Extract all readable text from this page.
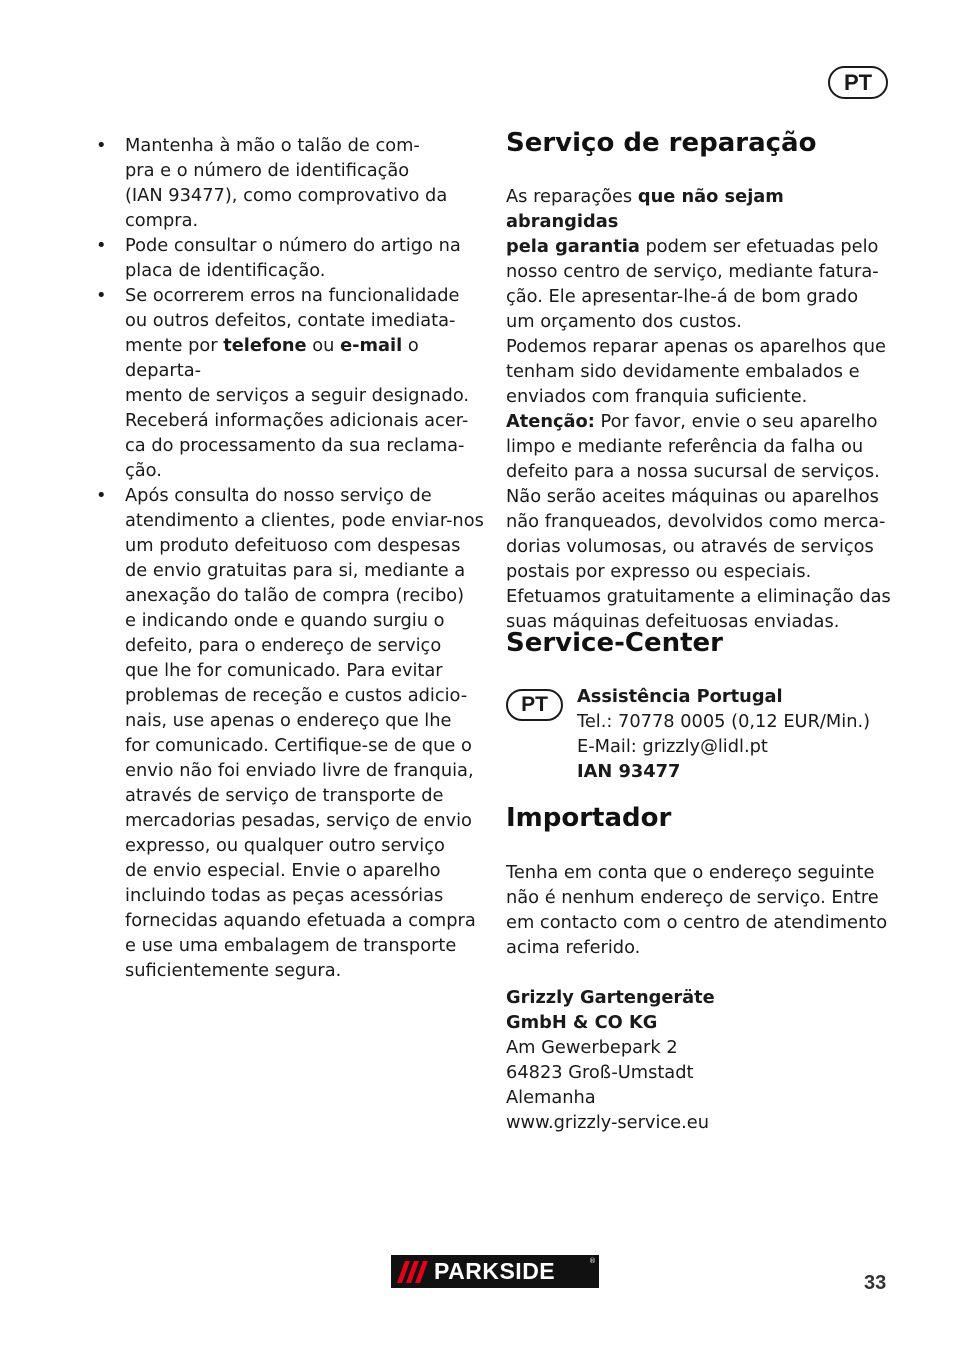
PT
• Mantenha à mão o talão de com-
pra e o número de identificação
(IAN 93477), como comprovativo da
compra.
• Pode consultar o número do artigo na
placa de identificação.
• Se ocorrerem erros na funcionalidade
ou outros defeitos, contate imediata-
mente por telefone ou e-mail o departa-
mento de serviços a seguir designado.
Receberá informações adicionais acer-
ca do processamento da sua reclama-
ção.
• Após consulta do nosso serviço de
atendimento a clientes, pode enviar-nos
um produto defeituoso com despesas
de envio gratuitas para si, mediante a
anexação do talão de compra (recibo)
e indicando onde e quando surgiu o
defeito, para o endereço de serviço
que lhe for comunicado. Para evitar
problemas de receção e custos adicio-
nais, use apenas o endereço que lhe
for comunicado. Certifique-se de que o
envio não foi enviado livre de franquia,
através de serviço de transporte de
mercadorias pesadas, serviço de envio
expresso, ou qualquer outro serviço
de envio especial. Envie o aparelho
incluindo todas as peças acessórias
fornecidas aquando efetuada a compra
e use uma embalagem de transporte
suficientemente segura.
Serviço de reparação

As reparações que não sejam abrangidas
pela garantia podem ser efetuadas pelo
nosso centro de serviço, mediante fatura-
ção. Ele apresentar-lhe-á de bom grado
um orçamento dos custos.

Podemos reparar apenas os aparelhos que
tenham sido devidamente embalados e
enviados com franquia suficiente.

Atenção: Por favor, envie o seu aparelho
limpo e mediante referência da falha ou
defeito para a nossa sucursal de serviços.
Não serão aceites máquinas ou aparelhos
não franqueados, devolvidos como merca-
dorias volumosas, ou através de serviços
postais por expresso ou especiais.
Efetuamos gratuitamente a eliminação das
suas máquinas defeituosas enviadas.

Service-Center
Importador

Tenha em conta que o endereço seguinte
não é nenhum endereço de serviço. Entre
em contacto com o centro de atendimento
acima referido.

Grizzly Gartengeräte
GmbH & CO KG

Am Gewerbepark 2

64823 Groß-Umstadt

Alemanha

www.grizzly-service.eu

PT	Assistência Portugal
Tel.: 70778 0005 (0,12 EUR/Min.)
E-Mail: grizzly@lidl.pt
IAN 93477
PARKSIDE	®
33
